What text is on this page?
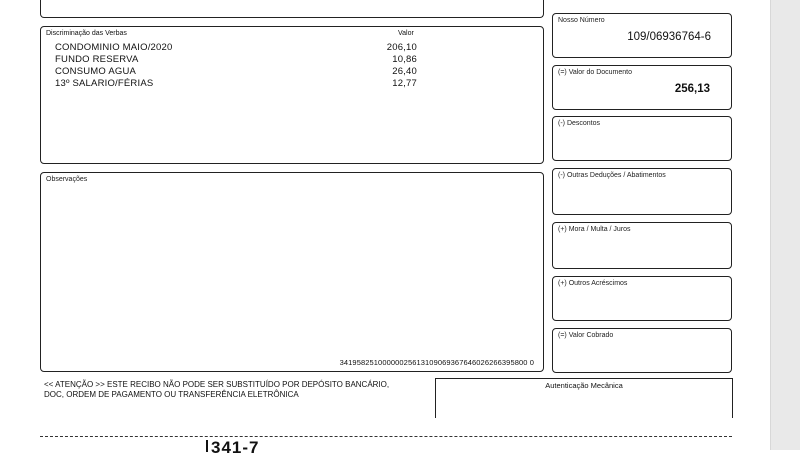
Discriminação das Verbas	Valor
CONDOMINIO MAIO/2020	206,10
FUNDO RESERVA	10,86
CONSUMO AGUA	26,40
13º SALARIO/FÉRIAS	12,77
Observações
34195825100000025613109069367646026266395800 0
Nosso Número
109/06936764-6
(=) Valor do Documento
256,13
(-) Descontos
(-) Outras Deduções / Abatimentos
(+) Mora / Multa / Juros
(+) Outros Acréscimos
(=) Valor Cobrado
<< ATENÇÃO >> ESTE RECIBO NÃO PODE SER SUBSTITUÍDO POR DEPÓSITO BANCÁRIO,
DOC, ORDEM DE PAGAMENTO OU TRANSFERÊNCIA ELETRÔNICA
Autenticação Mecânica
341-7
